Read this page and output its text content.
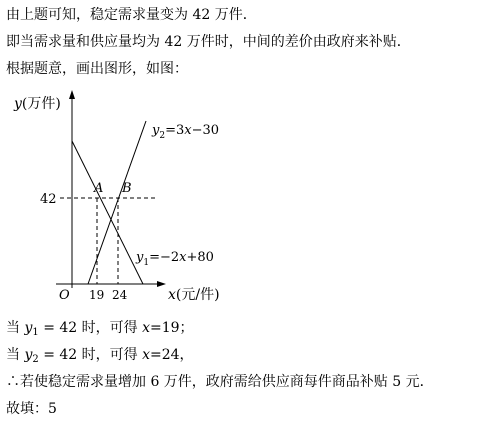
由上题可知，稳定需求量变为 42 万件．
即当需求量和供应量均为 42 万件时，中间的差价由政府来补贴．
根据题意，画出图形，如图：
y(万件)
$y_2=3x-30$
$y_1=-2x+80$
A B
42
O 19 24	x(元/件)
当 $y_1 = 42$ 时，可得 x=19；
当 $y_2 = 42$ 时，可得 x=24，
∴若使稳定需求量增加 6 万件，政府需给供应商每件商品补贴 5 元．
故填：5
